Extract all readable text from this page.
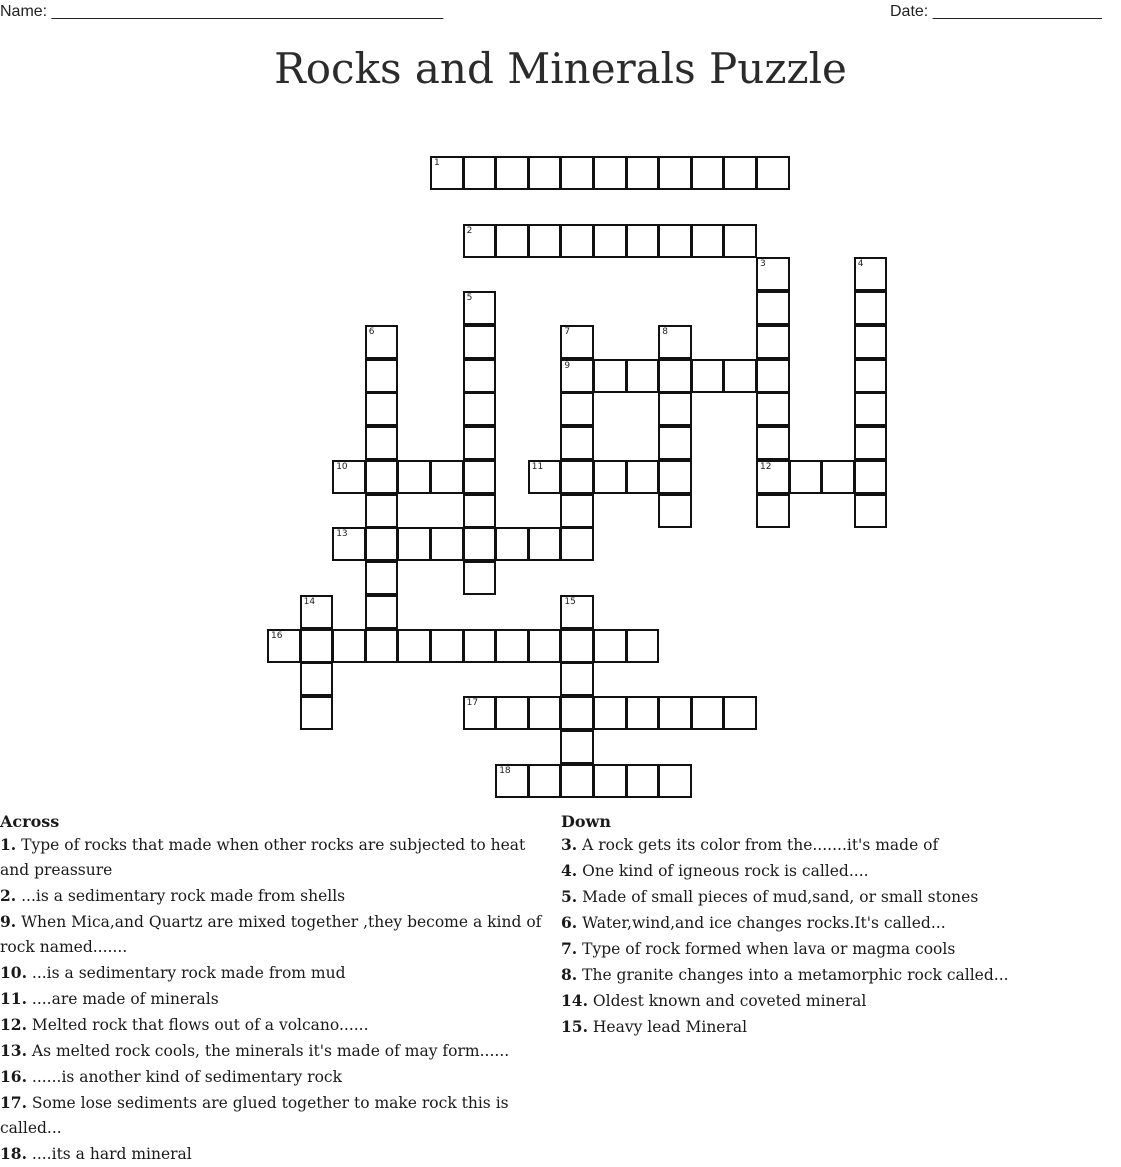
Name: ____________________________________________	Date: ___________________
Rocks and Minerals Puzzle
1
2
9
10	11	12
13
16
17
18
3	4
5
6	7	8
14	15
Across
1. Type of rocks that made when other rocks are subjected to heat and preassure
2. ...is a sedimentary rock made from shells
9. When Mica,and Quartz are mixed together ,they become a kind of rock named.......
10. ...is a sedimentary rock made from mud
11. ....are made of minerals
12. Melted rock that flows out of a volcano......
13. As melted rock cools, the minerals it's made of may form......
16. ......is another kind of sedimentary rock
17. Some lose sediments are glued together to make rock this is called...
18. ....its a hard mineral
Down
3. A rock gets its color from the.......it's made of
4. One kind of igneous rock is called....
5. Made of small pieces of mud,sand, or small stones
6. Water,wind,and ice changes rocks.It's called...
7. Type of rock formed when lava or magma cools
8. The granite changes into a metamorphic rock called...
14. Oldest known and coveted mineral
15. Heavy lead Mineral
